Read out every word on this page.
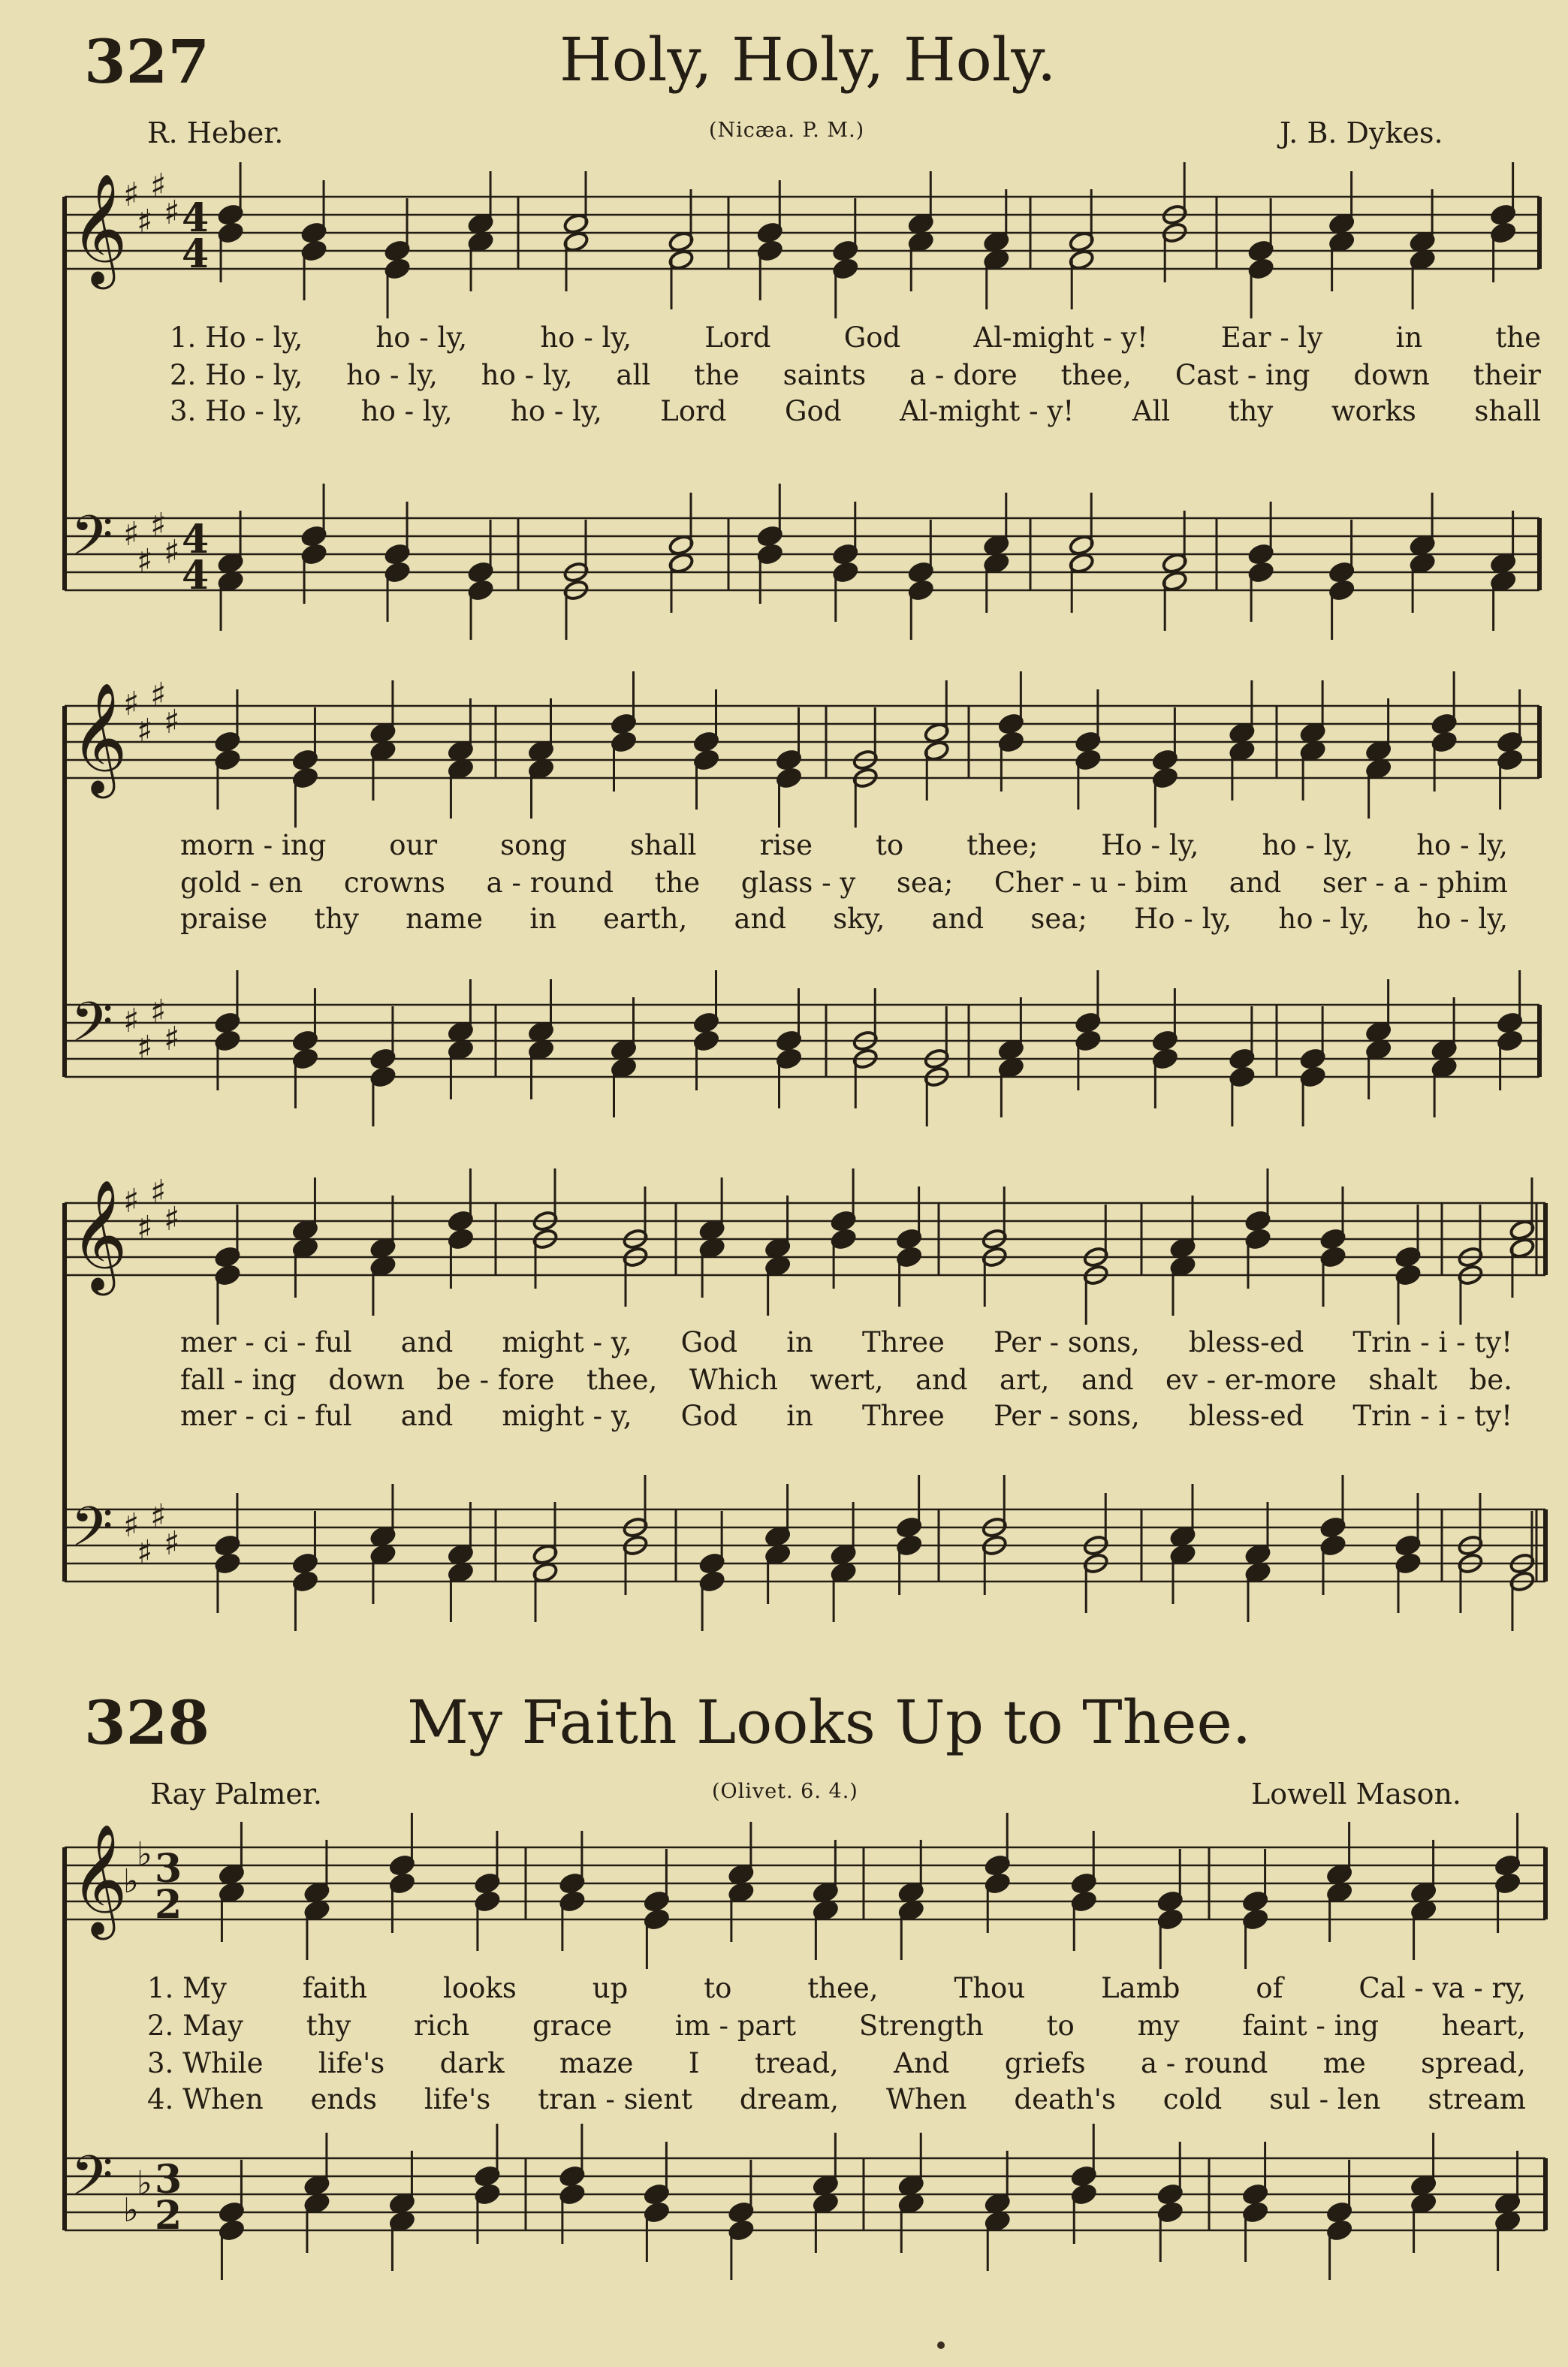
327	Holy, Holy, Holy.
R. Heber.	(Nicæa. P. M.)	J. B. Dykes.
𝄞
♯
♯
♯
♯ 4
4
𝄢 ♯
♯
♯
♯ 4
4
1. Ho - ly,	ho - ly,	ho - ly,	Lord	God	Al-might - y!	Ear - ly	in	the
2. Ho - ly, ho - ly, ho - ly, all the saints a - dore thee, Cast - ing down their
3. Ho - ly, ho - ly, ho - ly, Lord God Al-might - y! All thy works shall
𝄞
♯
♯
♯
♯
𝄢 ♯
♯
♯
♯
morn - ing our song shall rise to thee; Ho - ly, ho - ly, ho - ly,
gold - en crowns a - round the glass - y sea; Cher - u - bim and ser - a - phim
praise thy name in earth, and sky, and sea; Ho - ly, ho - ly, ho - ly,
𝄞
♯
♯
♯
♯
𝄢 ♯
♯
♯
♯
mer - ci - ful and might - y, God in Three Per - sons, bless-ed Trin - i - ty!
fall - ing down be - fore thee, Which wert, and art, and ev - er-more shalt be.
mer - ci - ful and might - y, God in Three Per - sons, bless-ed Trin - i - ty!
328	My Faith Looks Up to Thee.
Ray Palmer.	(Olivet. 6. 4.)	Lowell Mason.
𝄞
♭
♭ 3
2
𝄢 ♭
♭ 3
2
1. My	faith	looks	up	to	thee,	Thou	Lamb	of	Cal - va - ry,
2. May thy rich grace im - part Strength to my faint - ing heart,
3. While life's dark maze I tread, And griefs a - round me spread,
4. When ends life's tran - sient dream, When death's cold sul - len stream
